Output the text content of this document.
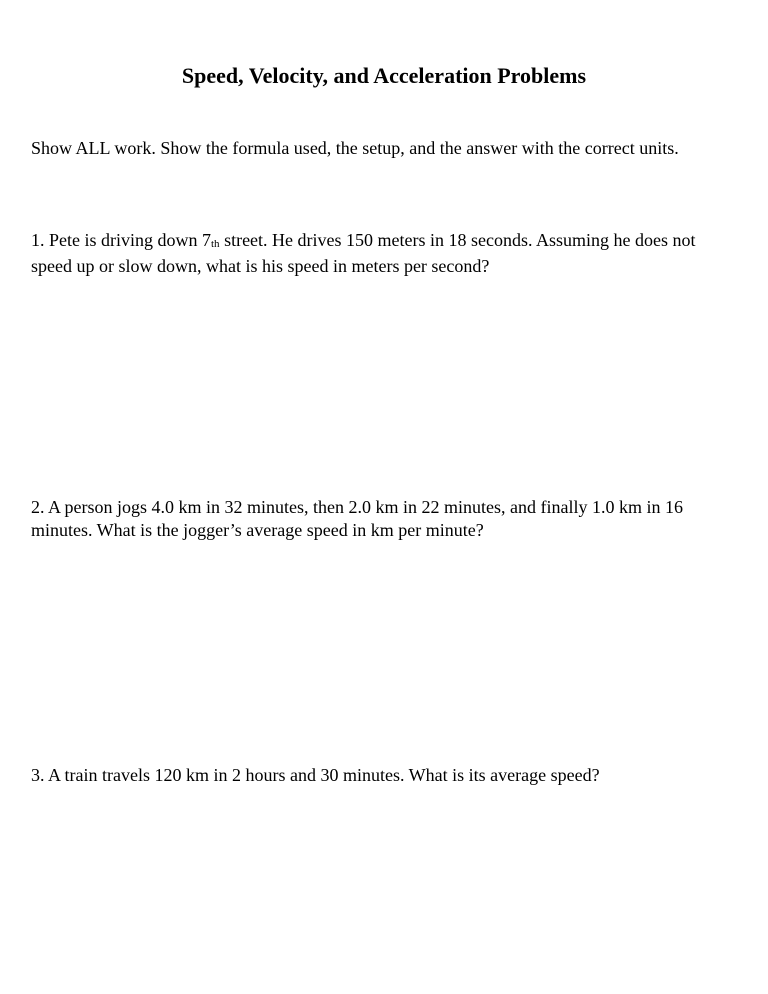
Speed, Velocity, and Acceleration Problems
Show ALL work. Show the formula used, the setup, and the answer with the correct units.
1. Pete is driving down 7th street. He drives 150 meters in 18 seconds. Assuming he does not speed up or slow down, what is his speed in meters per second?
2. A person jogs 4.0 km in 32 minutes, then 2.0 km in 22 minutes, and finally 1.0 km in 16 minutes. What is the jogger’s average speed in km per minute?
3. A train travels 120 km in 2 hours and 30 minutes. What is its average speed?
